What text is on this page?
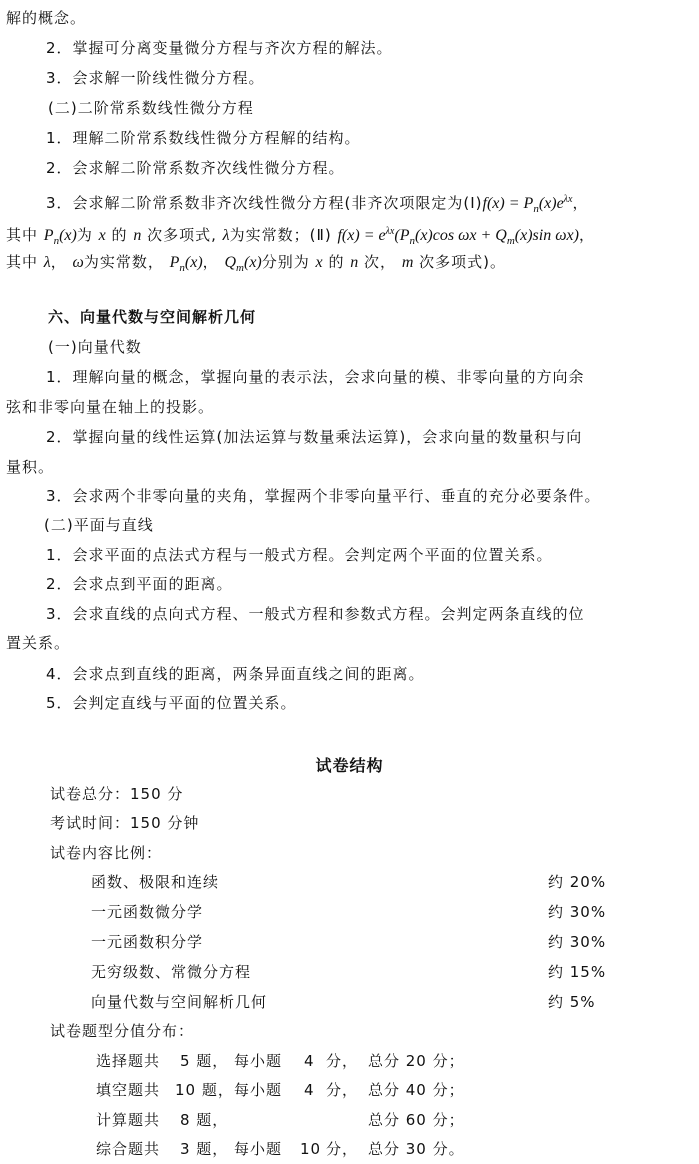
解的概念。
2．掌握可分离变量微分方程与齐次方程的解法。
3．会求解一阶线性微分方程。
(二)二阶常系数线性微分方程
1．理解二阶常系数线性微分方程解的结构。
2．会求解二阶常系数齐次线性微分方程。
3．会求解二阶常系数非齐次线性微分方程(非齐次项限定为(Ⅰ)f(x) = $P_n(x)e^{\lambda x}$，
其中 $P_n(x)$为 x 的 n 次多项式, λ为实常数；(Ⅱ) $f(x) = e^{\lambda x}(P_n(x)\cos$ $\omega x + Q_m(x)\sin$ ωx)，
其中 λ， ω为实常数， $P_n(x)$， $Q_m(x)$分别为 x 的 n 次， m 次多项式)。
六、向量代数与空间解析几何
(一)向量代数
1．理解向量的概念，掌握向量的表示法，会求向量的模、非零向量的方向余
弦和非零向量在轴上的投影。
2．掌握向量的线性运算(加法运算与数量乘法运算)，会求向量的数量积与向
量积。
3．会求两个非零向量的夹角，掌握两个非零向量平行、垂直的充分必要条件。
(二)平面与直线
1．会求平面的点法式方程与一般式方程。会判定两个平面的位置关系。
2．会求点到平面的距离。
3．会求直线的点向式方程、一般式方程和参数式方程。会判定两条直线的位
置关系。
4．会求点到直线的距离，两条异面直线之间的距离。
5．会判定直线与平面的位置关系。
试卷结构
试卷总分：150 分
考试时间：150 分钟
试卷内容比例：
函数、极限和连续	约 20%
一元函数微分学	约 30%
一元函数积分学	约 30%
无穷级数、常微分方程	约 15%
向量代数与空间解析几何	约 5%
试卷题型分值分布：
选择题共 5 题， 每小题 4 分， 总分 20 分；
填空题共 10 题， 每小题 4 分， 总分 40 分；
计算题共 8 题，	总分 60 分；
综合题共 3 题， 每小题 10 分， 总分 30 分。
